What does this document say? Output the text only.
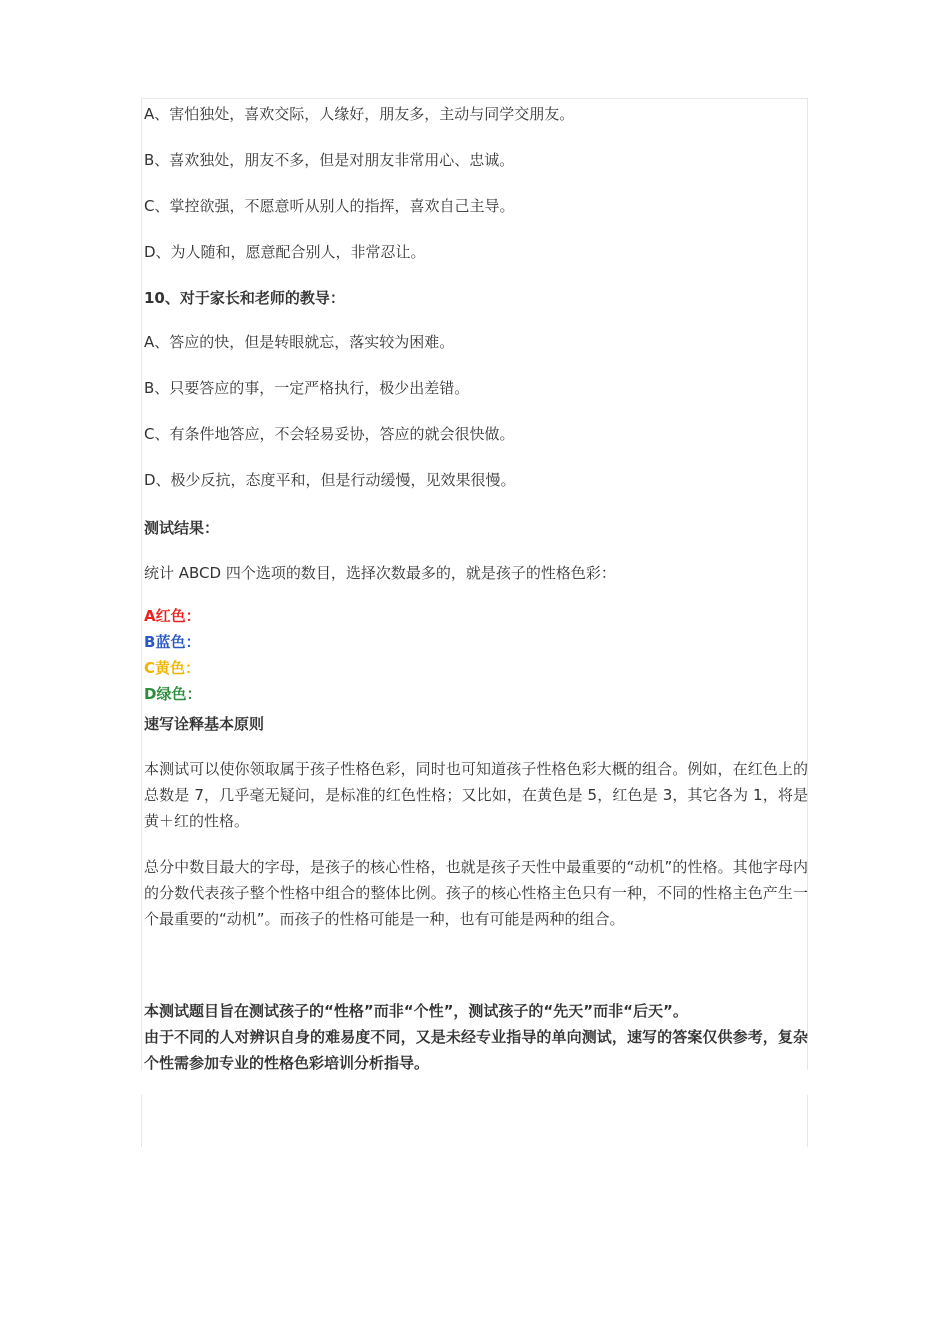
A、害怕独处，喜欢交际，人缘好，朋友多，主动与同学交朋友。

B、喜欢独处，朋友不多，但是对朋友非常用心、忠诚。

C、掌控欲强，不愿意听从别人的指挥，喜欢自己主导。

D、为人随和，愿意配合别人，非常忍让。

10、对于家长和老师的教导：

A、答应的快，但是转眼就忘，落实较为困难。

B、只要答应的事，一定严格执行，极少出差错。

C、有条件地答应，不会轻易妥协，答应的就会很快做。

D、极少反抗，态度平和，但是行动缓慢，见效果很慢。

测试结果：

统计 ABCD 四个选项的数目，选择次数最多的，就是孩子的性格色彩：

A红色：

B蓝色：

C黄色：

D绿色：

速写诠释基本原则

本测试可以使你领取属于孩子性格色彩，同时也可知道孩子性格色彩大概的组合。例如，在红色上的总数是 7，几乎毫无疑问，是标准的红色性格；又比如，在黄色是 5，红色是 3，其它各为 1，将是黄＋红的性格。

总分中数目最大的字母，是孩子的核心性格，也就是孩子天性中最重要的“动机”的性格。其他字母内的分数代表孩子整个性格中组合的整体比例。孩子的核心性格主色只有一种，不同的性格主色产生一个最重要的“动机”。而孩子的性格可能是一种，也有可能是两种的组合。

本测试题目旨在测试孩子的“性格”而非“个性”，测试孩子的“先天”而非“后天”。

由于不同的人对辨识自身的难易度不同，又是未经专业指导的单向测试，速写的答案仅供参考，复杂个性需参加专业的性格色彩培训分析指导。
